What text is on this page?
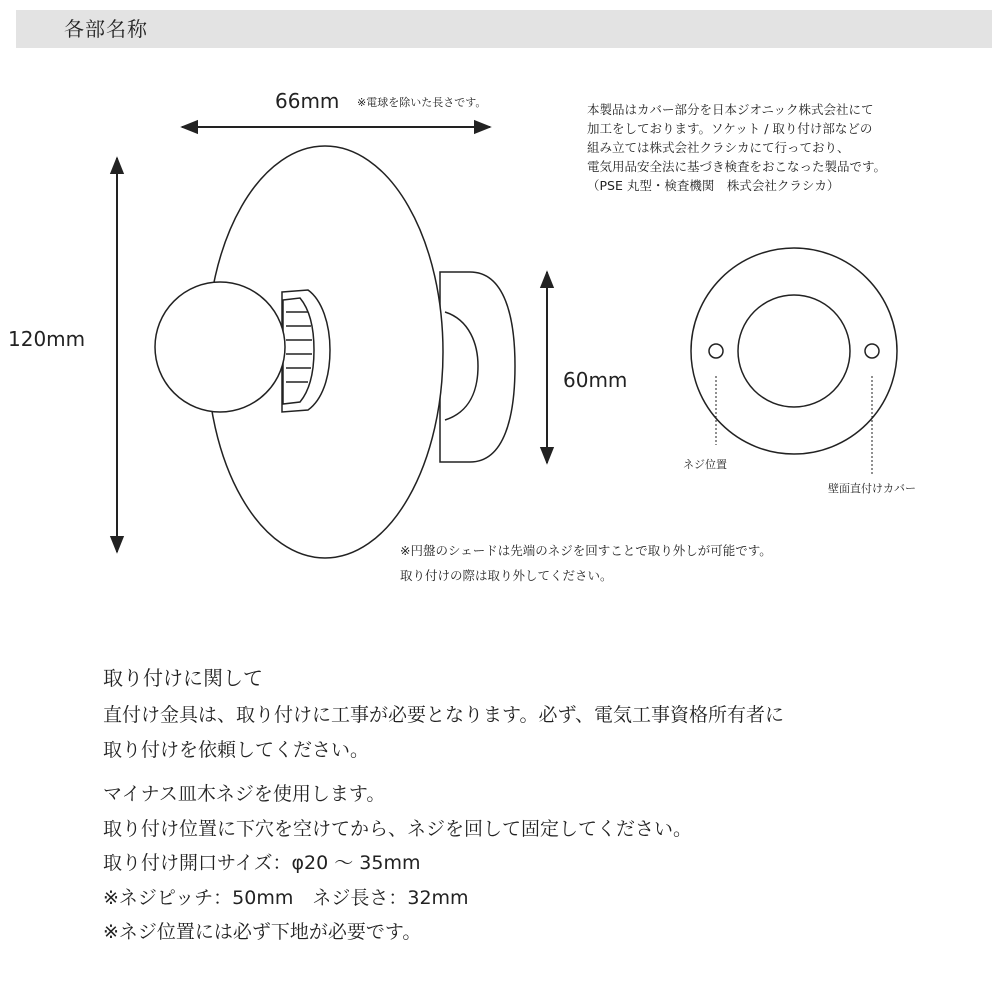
各部名称
66mm ※電球を除いた長さです。
120mm
60mm
ネジ位置
壁面直付けカバー
本製品はカバー部分を日本ジオニック株式会社にて
加工をしております。ソケット / 取り付け部などの
組み立ては株式会社クラシカにて行っており、
電気用品安全法に基づき検査をおこなった製品です。
（PSE 丸型・検査機関　株式会社クラシカ）
※円盤のシェードは先端のネジを回すことで取り外しが可能です。
取り付けの際は取り外してください。
取り付けに関して
直付け金具は、取り付けに工事が必要となります。必ず、電気工事資格所有者に
取り付けを依頼してください。
マイナス皿木ネジを使用します。
取り付け位置に下穴を空けてから、ネジを回して固定してください。
取り付け開口サイズ：φ20 ～ 35mm
※ネジピッチ：50mm　ネジ長さ：32mm
※ネジ位置には必ず下地が必要です。
